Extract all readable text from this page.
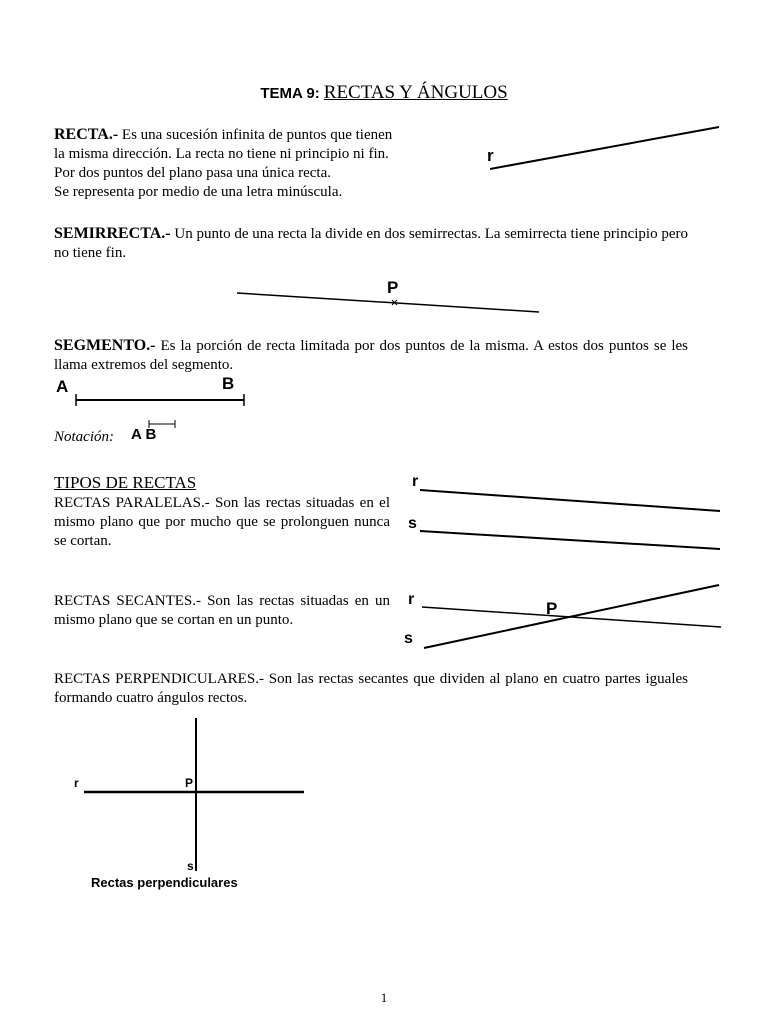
TEMA 9: RECTAS Y ÁNGULOS
RECTA.- Es una sucesión infinita de puntos que tienen
la misma dirección. La recta no tiene ni principio ni fin.
Por dos puntos del plano pasa una única recta.
Se representa por medio de una letra minúscula.
SEMIRRECTA.- Un punto de una recta la divide en dos semirrectas. La semirrecta tiene principio pero no tiene fin.
SEGMENTO.- Es la porción de recta limitada por dos puntos de la misma. A estos dos puntos se les llama extremos del segmento.
Notación: A B
TIPOS DE RECTAS
RECTAS PARALELAS.- Son las rectas situadas en el mismo plano que por mucho que se prolonguen nunca se cortan.
RECTAS SECANTES.- Son las rectas situadas en un mismo plano que se cortan en un punto.
RECTAS PERPENDICULARES.- Son las rectas secantes que dividen al plano en cuatro partes iguales formando cuatro ángulos rectos.
r
P
A	B
r
s
r
s
P
r	P
s
Rectas perpendiculares
1
